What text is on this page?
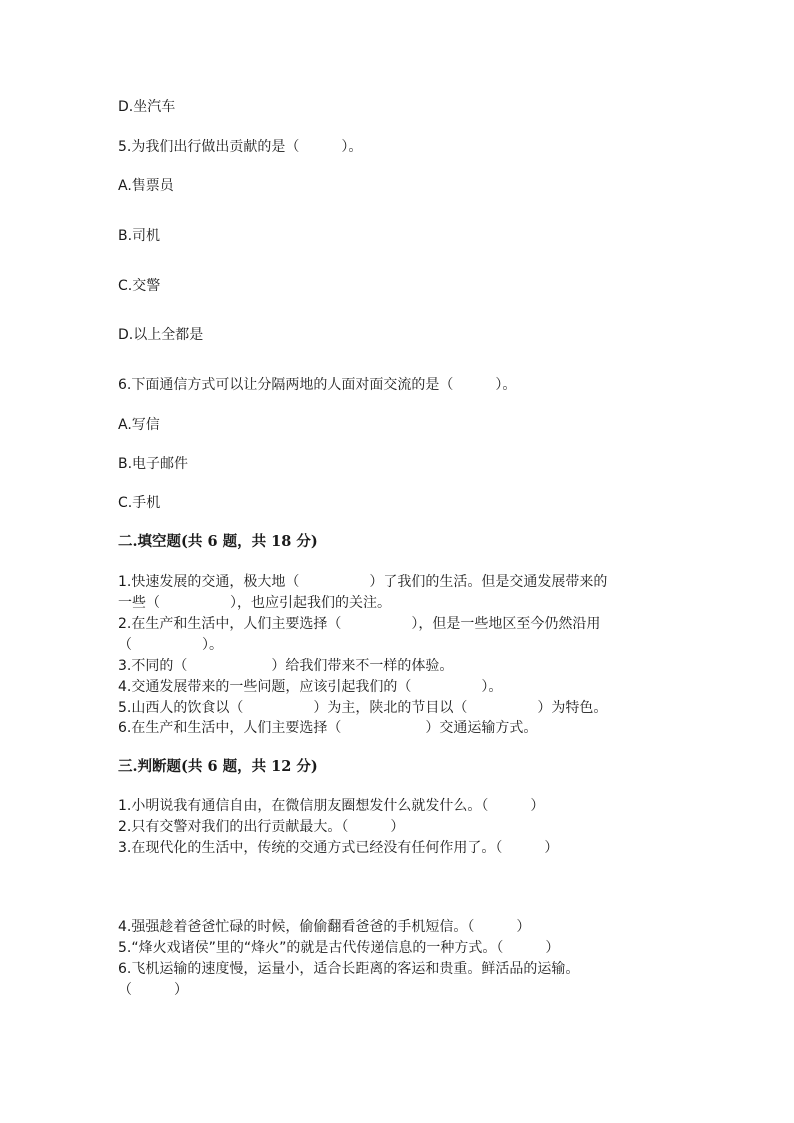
D.坐汽车
5.为我们出行做出贡献的是（　　　）。
A.售票员
B.司机
C.交警
D.以上全都是
6.下面通信方式可以让分隔两地的人面对面交流的是（　　　）。
A.写信
B.电子邮件
C.手机
二.填空题(共 6 题，共 18 分)
1.快速发展的交通，极大地（　　　　　）了我们的生活。但是交通发展带来的
一些（　　　　　），也应引起我们的关注。
2.在生产和生活中，人们主要选择（　　　　　），但是一些地区至今仍然沿用
（　　　　　）。
3.不同的（　　　　　　）给我们带来不一样的体验。
4.交通发展带来的一些问题，应该引起我们的（　　　　　）。
5.山西人的饮食以（　　　　　）为主，陕北的节目以（　　　　　）为特色。
6.在生产和生活中，人们主要选择（　　　　　　）交通运输方式。
三.判断题(共 6 题，共 12 分)
1.小明说我有通信自由，在微信朋友圈想发什么就发什么。（　　　）
2.只有交警对我们的出行贡献最大。（　　　）
3.在现代化的生活中，传统的交通方式已经没有任何作用了。（　　　）
4.强强趁着爸爸忙碌的时候，偷偷翻看爸爸的手机短信。（　　　）
5.“烽火戏诸侯”里的“烽火”的就是古代传递信息的一种方式。（　　　）
6.飞机运输的速度慢，运量小，适合长距离的客运和贵重。鲜活品的运输。
（　　　）
